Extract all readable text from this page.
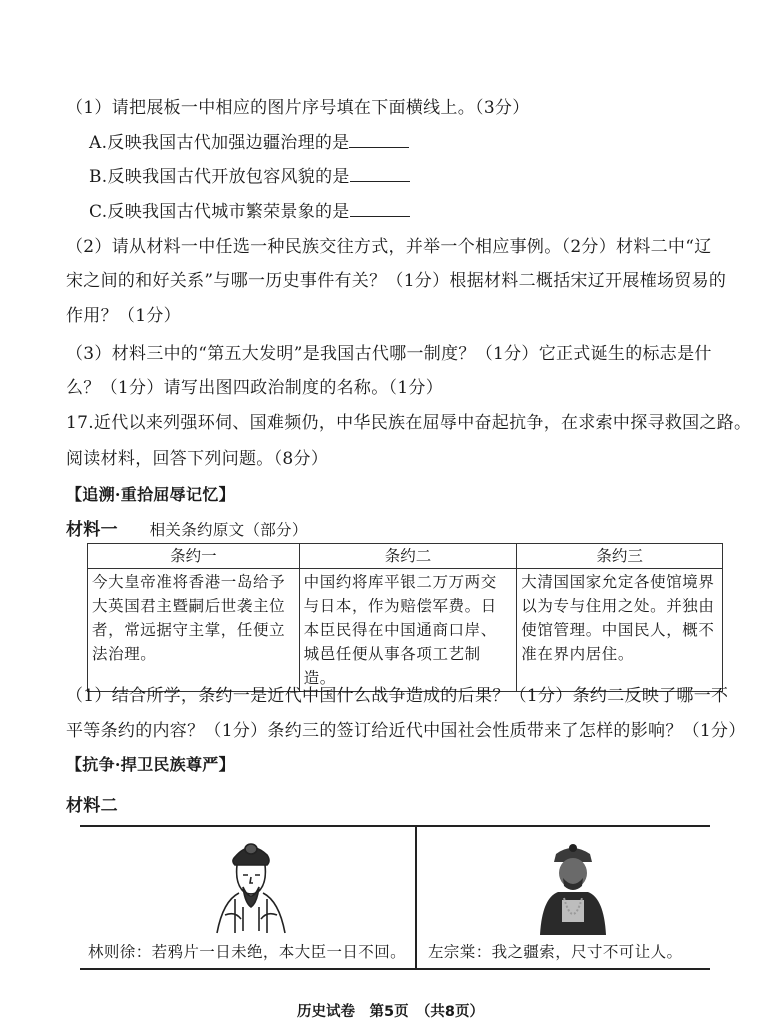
（1）请把展板一中相应的图片序号填在下面横线上。（3分）
A.反映我国古代加强边疆治理的是
B.反映我国古代开放包容风貌的是
C.反映我国古代城市繁荣景象的是
（2）请从材料一中任选一种民族交往方式，并举一个相应事例。（2分）材料二中“辽
宋之间的和好关系”与哪一历史事件有关？（1分）根据材料二概括宋辽开展榷场贸易的
作用？（1分）
（3）材料三中的“第五大发明”是我国古代哪一制度？（1分）它正式诞生的标志是什
么？（1分）请写出图四政治制度的名称。（1分）
17.近代以来列强环伺、国难频仍，中华民族在屈辱中奋起抗争，在求索中探寻救国之路。
阅读材料，回答下列问题。（8分）
【追溯·重拾屈辱记忆】
材料一 相关条约原文（部分）
条约一	条约二	条约三
今大皇帝准将香港一岛给予大英国君主暨嗣后世袭主位者，常远据守主掌，任便立法治理。	中国约将库平银二万万两交与日本，作为赔偿军费。日本臣民得在中国通商口岸、城邑任便从事各项工艺制造。	大清国国家允定各使馆境界以为专与住用之处。并独由使馆管理。中国民人，概不准在界内居住。
（1）结合所学，条约一是近代中国什么战争造成的后果？（1分）条约二反映了哪一不
平等条约的内容？（1分）条约三的签订给近代中国社会性质带来了怎样的影响？（1分）
【抗争·捍卫民族尊严】
材料二
林则徐：若鸦片一日未绝，本大臣一日不回。 左宗棠：我之疆索，尺寸不可让人。
历史试卷　第5页　（共8页）
